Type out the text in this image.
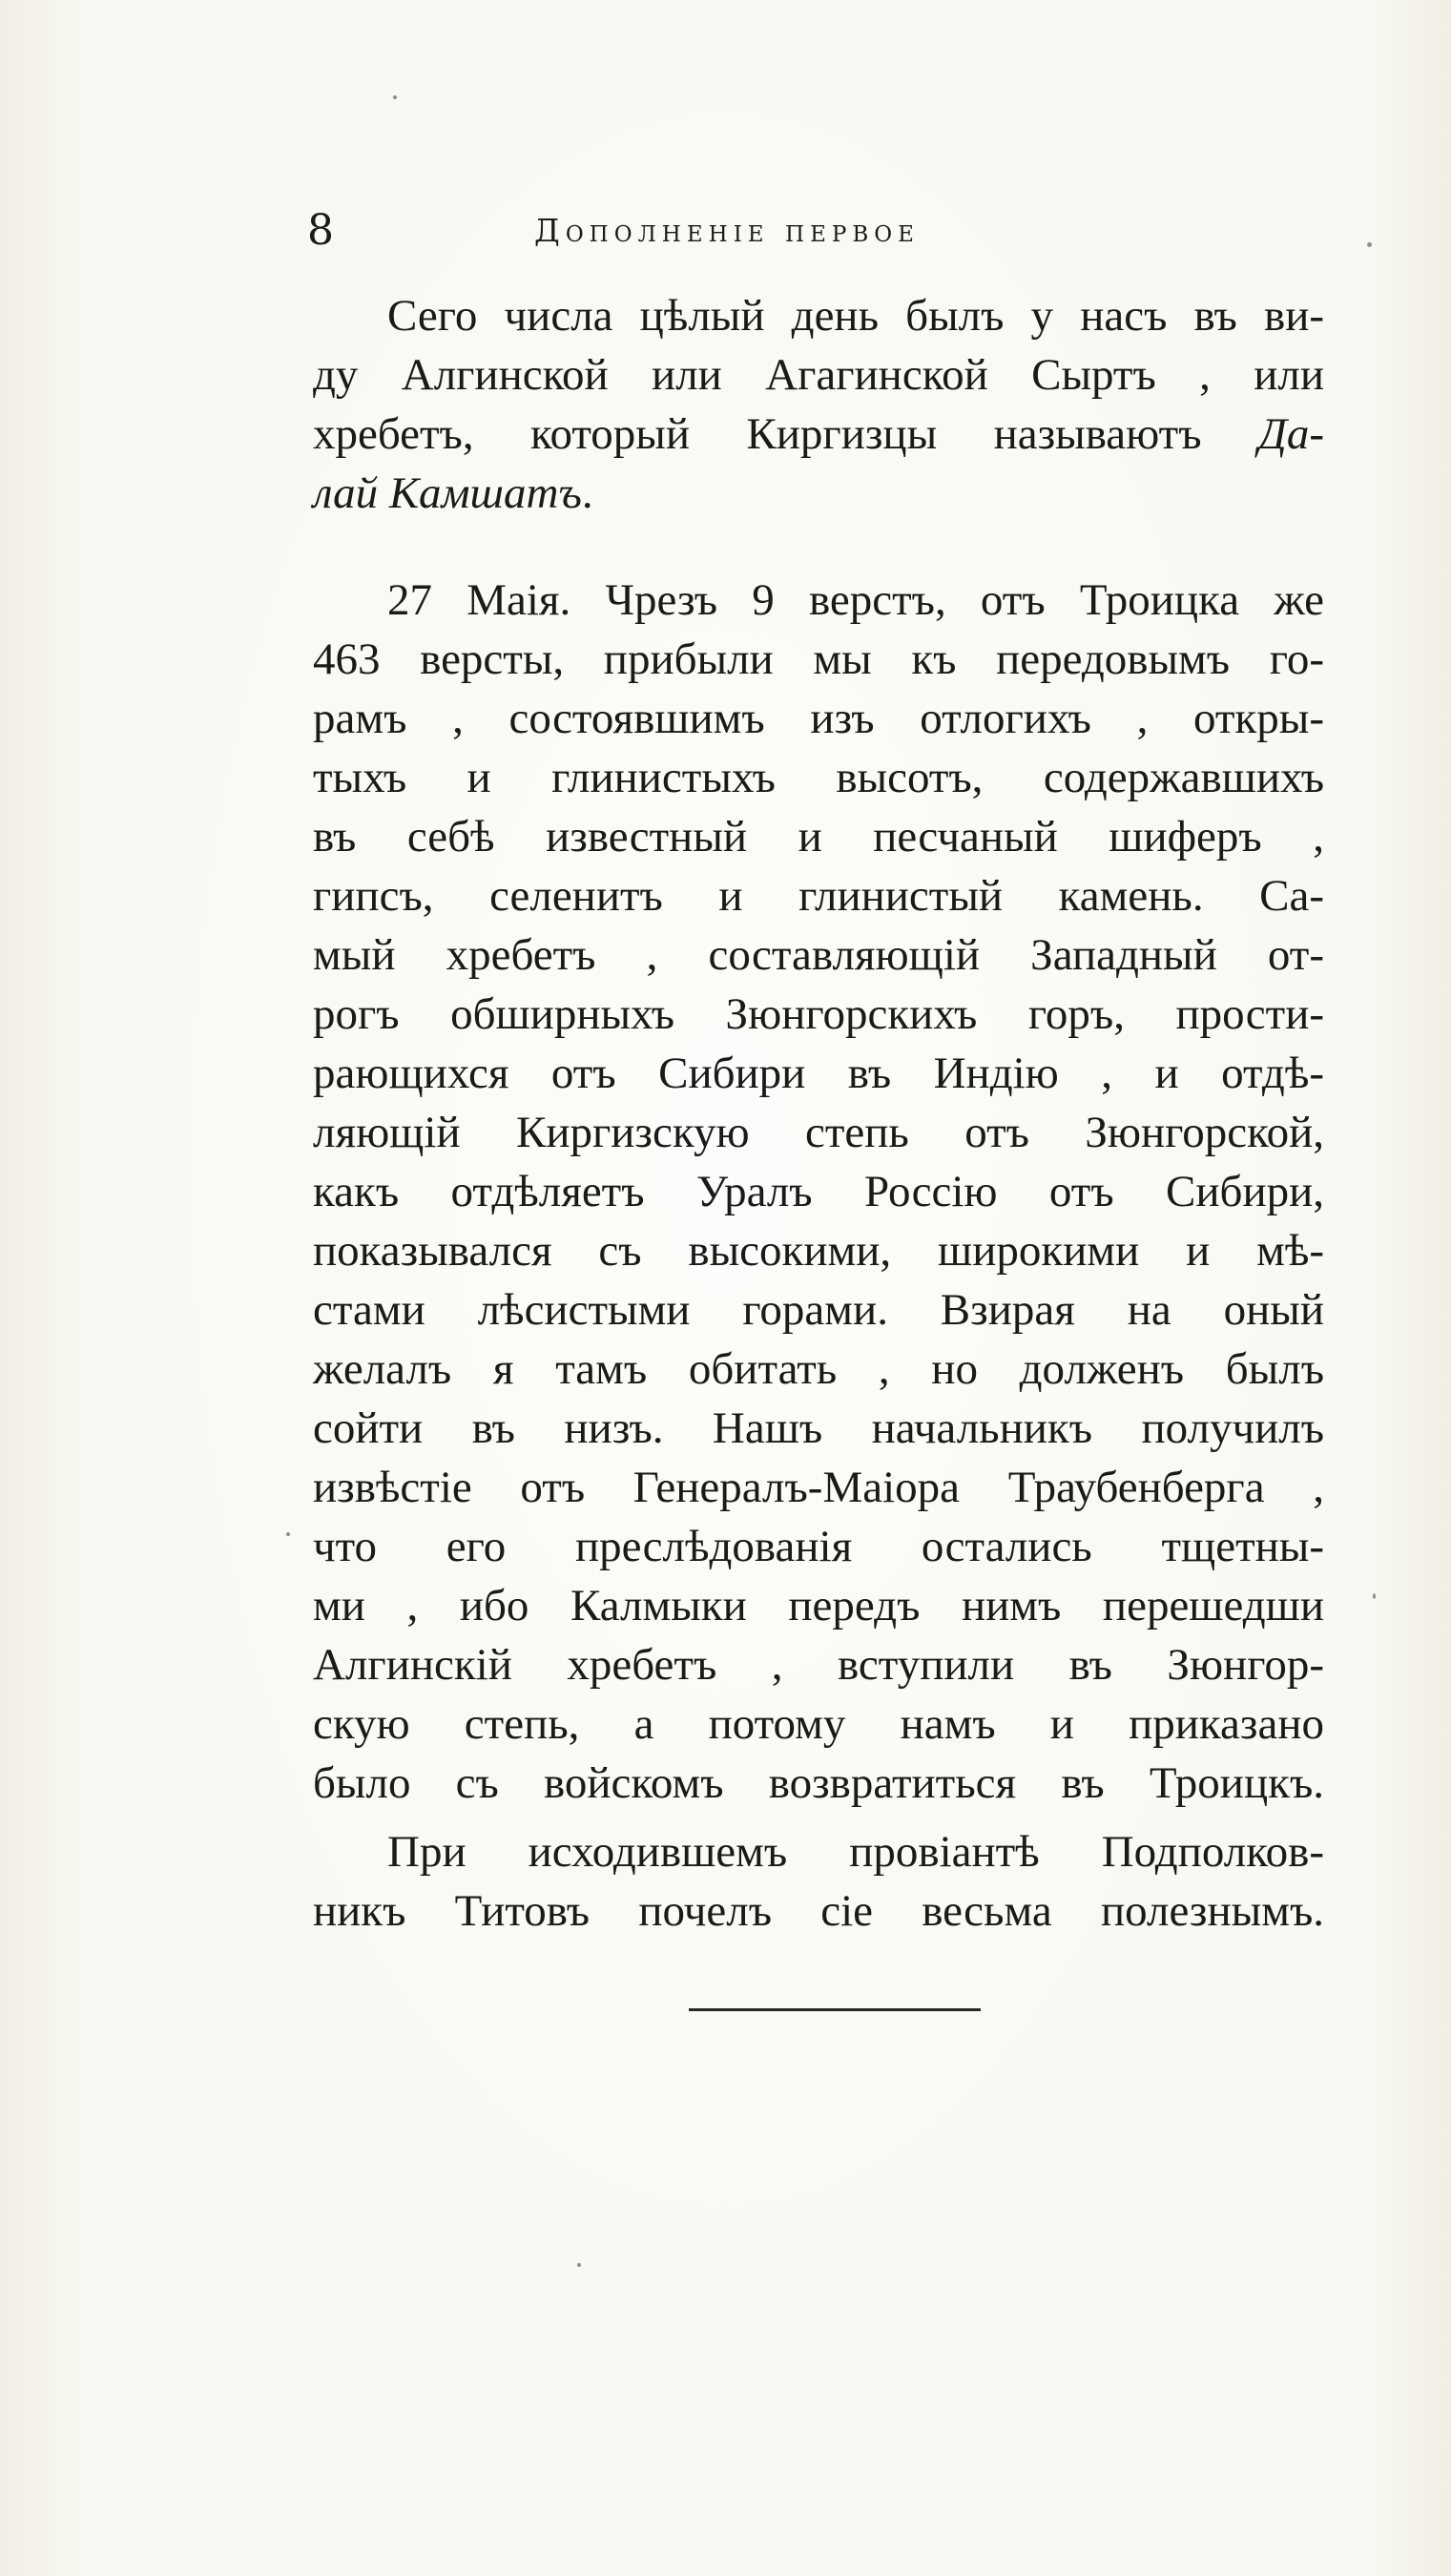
8	Дополненіе первое
Сего числа цѣлый день былъ у насъ въ ви-
ду Алгинской или Агагинской Сыртъ , или
хребетъ, который Киргизцы называютъ Да-
лай Камшатъ.
27 Маія. Чрезъ 9 верстъ, отъ Троицка же
463 версты, прибыли мы къ передовымъ го-
рамъ , состоявшимъ изъ отлогихъ , откры-
тыхъ и глинистыхъ высотъ, содержавшихъ
въ себѣ известный и песчаный шиферъ ,
гипсъ, селенитъ и глинистый камень. Са-
мый хребетъ , составляющій Западный от-
рогъ обширныхъ Зюнгорскихъ горъ, прости-
рающихся отъ Сибири въ Индію , и отдѣ-
ляющій Киргизскую степь отъ Зюнгорской,
какъ отдѣляетъ Уралъ Россію отъ Сибири,
показывался съ высокими, широкими и мѣ-
стами лѣсистыми горами. Взирая на оный
желалъ я тамъ обитать , но долженъ былъ
сойти въ низъ. Нашъ начальникъ получилъ
извѣстіе отъ Генералъ-Маіора Траубенберга ,
что его преслѣдованія остались тщетны-
ми , ибо Калмыки передъ нимъ перешедши
Алгинскій хребетъ , вступили въ Зюнгор-
скую степь, а потому намъ и приказано
было съ войскомъ возвратиться въ Троицкъ.
При исходившемъ провіантѣ Подполков-
никъ Титовъ почелъ сіе весьма полезнымъ.
